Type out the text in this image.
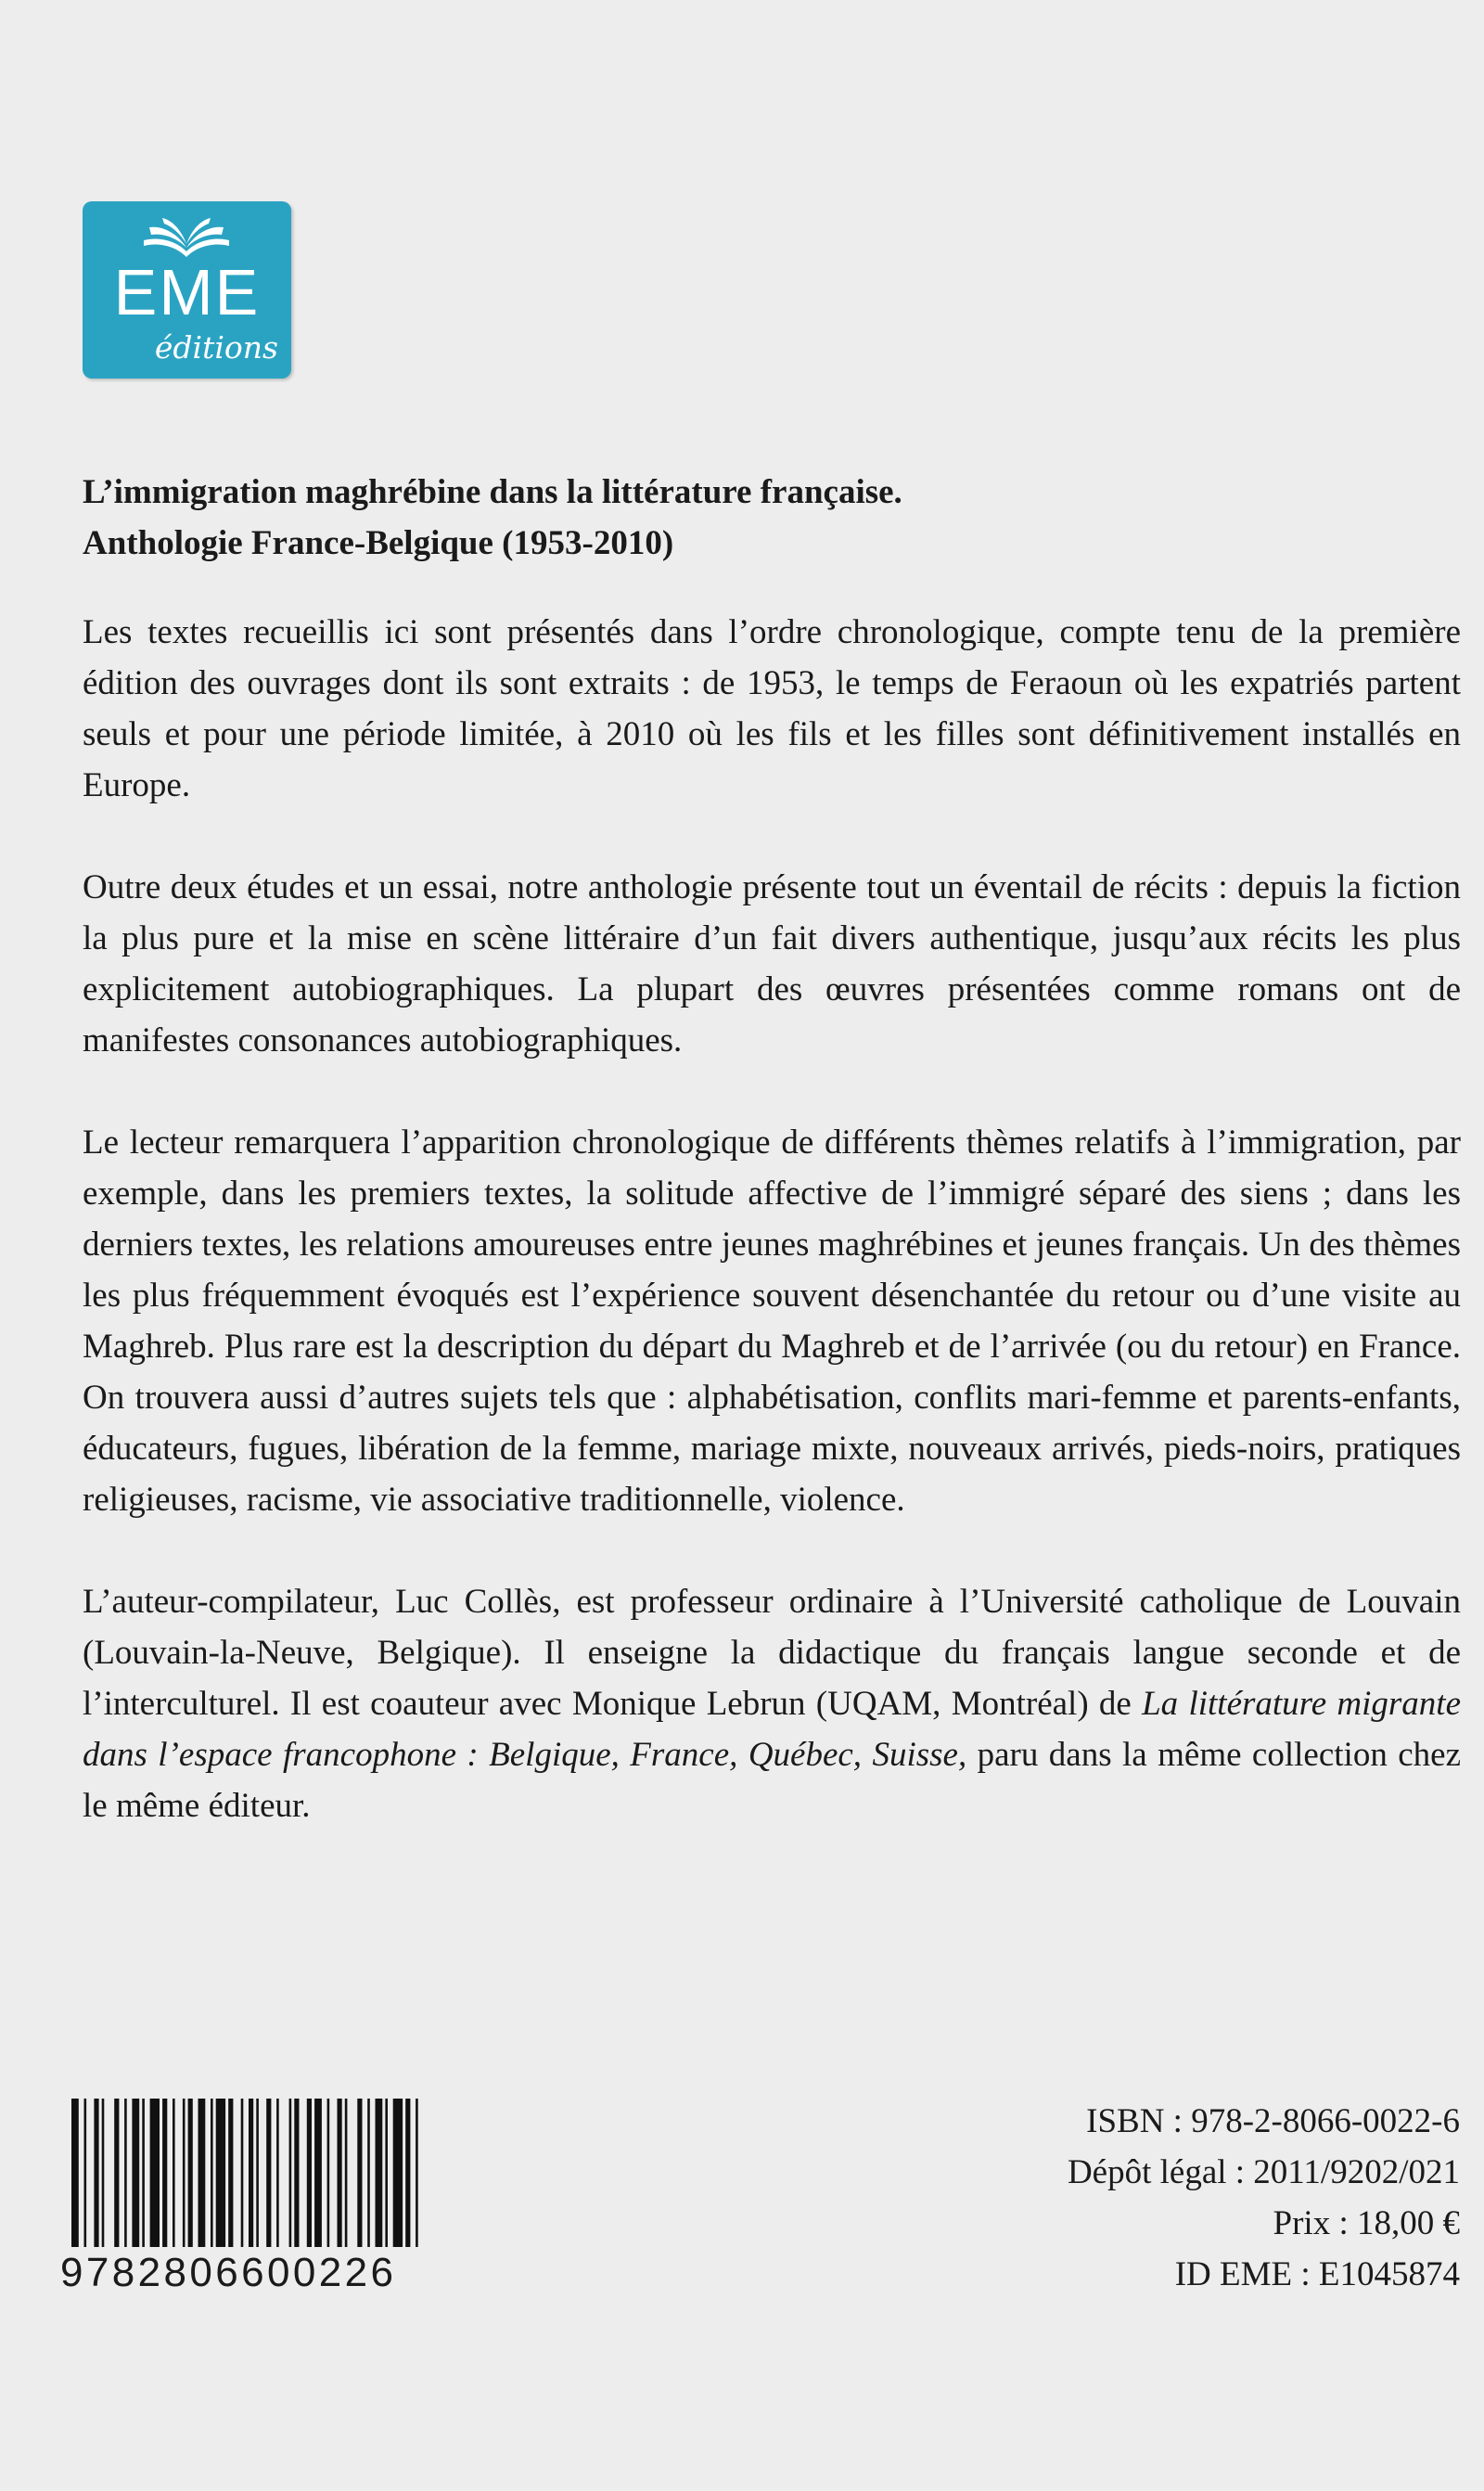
EME
éditions
L’immigration maghrébine dans la littérature française.
Anthologie France-Belgique (1953-2010)

Les textes recueillis ici sont présentés dans l’ordre chronologique, compte tenu de la première édition des ouvrages dont ils sont extraits : de 1953, le temps de Feraoun où les expatriés partent seuls et pour une période limitée, à 2010 où les fils et les filles sont définitivement installés en Europe.

Outre deux études et un essai, notre anthologie présente tout un éventail de récits : depuis la fiction la plus pure et la mise en scène littéraire d’un fait divers authentique, jusqu’aux récits les plus explicitement autobiographiques. La plupart des œuvres présentées comme romans ont de manifestes consonances autobiographiques.

Le lecteur remarquera l’apparition chronologique de différents thèmes relatifs à l’immigration, par exemple, dans les premiers textes, la solitude affective de l’immigré séparé des siens ; dans les derniers textes, les relations amoureuses entre jeunes maghrébines et jeunes français. Un des thèmes les plus fréquemment évoqués est l’expérience souvent désenchantée du retour ou d’une visite au Maghreb. Plus rare est la description du départ du Maghreb et de l’arrivée (ou du retour) en France. On trouvera aussi d’autres sujets tels que : alphabétisation, conflits mari-femme et parents-enfants, éducateurs, fugues, libération de la femme, mariage mixte, nouveaux arrivés, pieds-noirs, pratiques religieuses, racisme, vie associative traditionnelle, violence.

L’auteur-compilateur, Luc Collès, est professeur ordinaire à l’Université catholique de Louvain (Louvain-la-Neuve, Belgique). Il enseigne la didactique du français langue seconde et de l’interculturel. Il est coauteur avec Monique Lebrun (UQAM, Montréal) de La littérature migrante dans l’espace francophone : Belgique, France, Québec, Suisse, paru dans la même collection chez le même éditeur.

9782806600226
ISBN : 978-2-8066-0022-6
Dépôt légal : 2011/9202/021
Prix : 18,00 €
ID EME : E1045874
